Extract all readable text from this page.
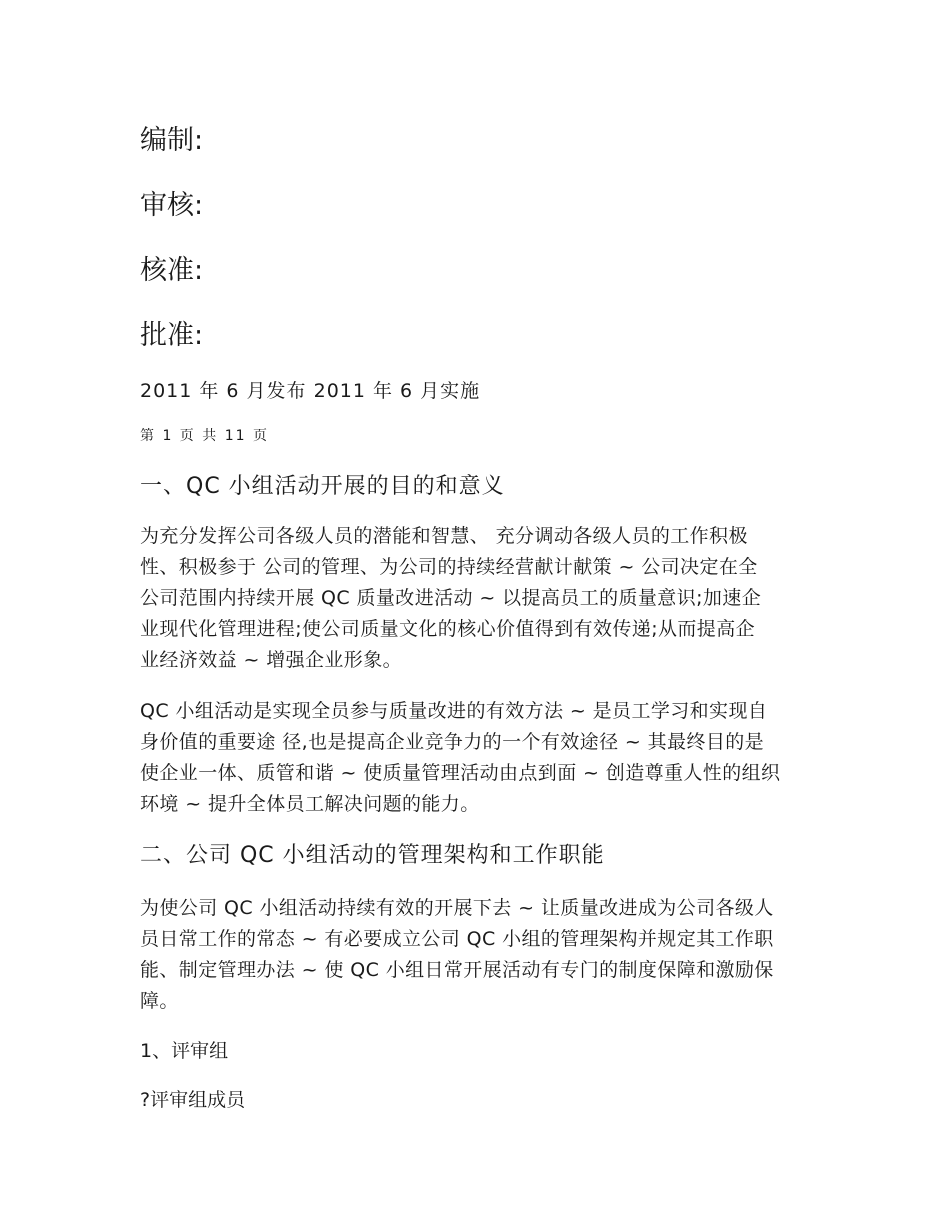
编制:
审核:
核准:
批准:
2011 年 6 月发布 2011 年 6 月实施
第 1 页 共 11 页
一、QC 小组活动开展的目的和意义
为充分发挥公司各级人员的潜能和智慧、 充分调动各级人员的工作积极
性、积极参于 公司的管理、为公司的持续经营献计献策 ~ 公司决定在全
公司范围内持续开展 QC 质量改进活动 ~ 以提高员工的质量意识;加速企
业现代化管理进程;使公司质量文化的核心价值得到有效传递;从而提高企
业经济效益 ~ 增强企业形象。
QC 小组活动是实现全员参与质量改进的有效方法 ~ 是员工学习和实现自
身价值的重要途 径,也是提高企业竞争力的一个有效途径 ~ 其最终目的是
使企业一体、质管和谐 ~ 使质量管理活动由点到面 ~ 创造尊重人性的组织
环境 ~ 提升全体员工解决问题的能力。
二、公司 QC 小组活动的管理架构和工作职能
为使公司 QC 小组活动持续有效的开展下去 ~ 让质量改进成为公司各级人
员日常工作的常态 ~ 有必要成立公司 QC 小组的管理架构并规定其工作职
能、制定管理办法 ~ 使 QC 小组日常开展活动有专门的制度保障和激励保
障。
1、评审组
?评审组成员
